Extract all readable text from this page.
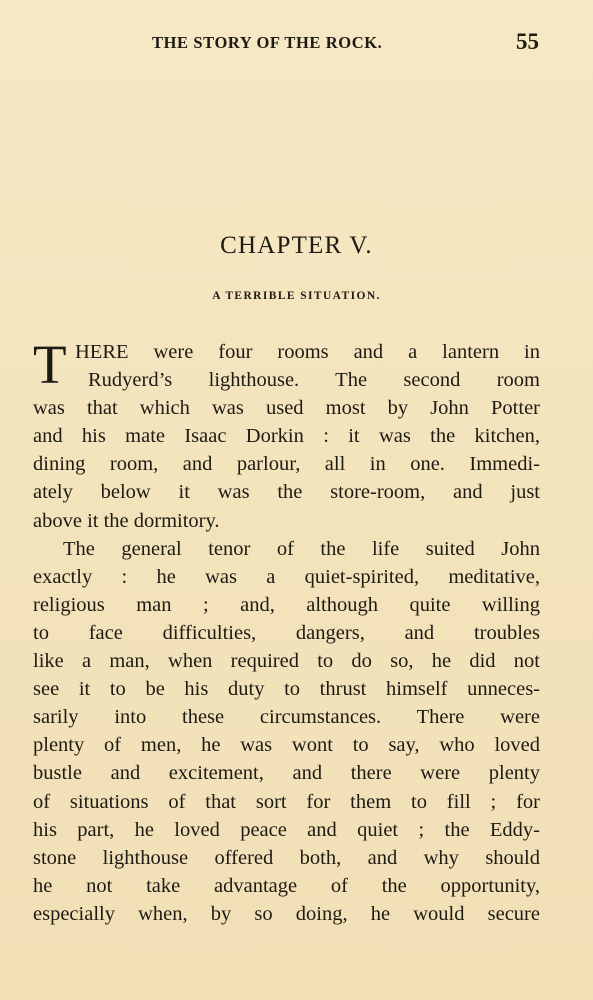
THE STORY OF THE ROCK.	55
CHAPTER V.
A TERRIBLE SITUATION.
T HERE were four rooms and a lantern in
Rudyerd’s lighthouse. The second room
was that which was used most by John Potter
and his mate Isaac Dorkin : it was the kitchen,
dining room, and parlour, all in one. Immedi-
ately below it was the store-room, and just
above it the dormitory.
The general tenor of the life suited John
exactly : he was a quiet-spirited, meditative,
religious man ; and, although quite willing
to face difficulties, dangers, and troubles
like a man, when required to do so, he did not
see it to be his duty to thrust himself unneces-
sarily into these circumstances. There were
plenty of men, he was wont to say, who loved
bustle and excitement, and there were plenty
of situations of that sort for them to fill ; for
his part, he loved peace and quiet ; the Eddy-
stone lighthouse offered both, and why should
he not take advantage of the opportunity,
especially when, by so doing, he would secure
